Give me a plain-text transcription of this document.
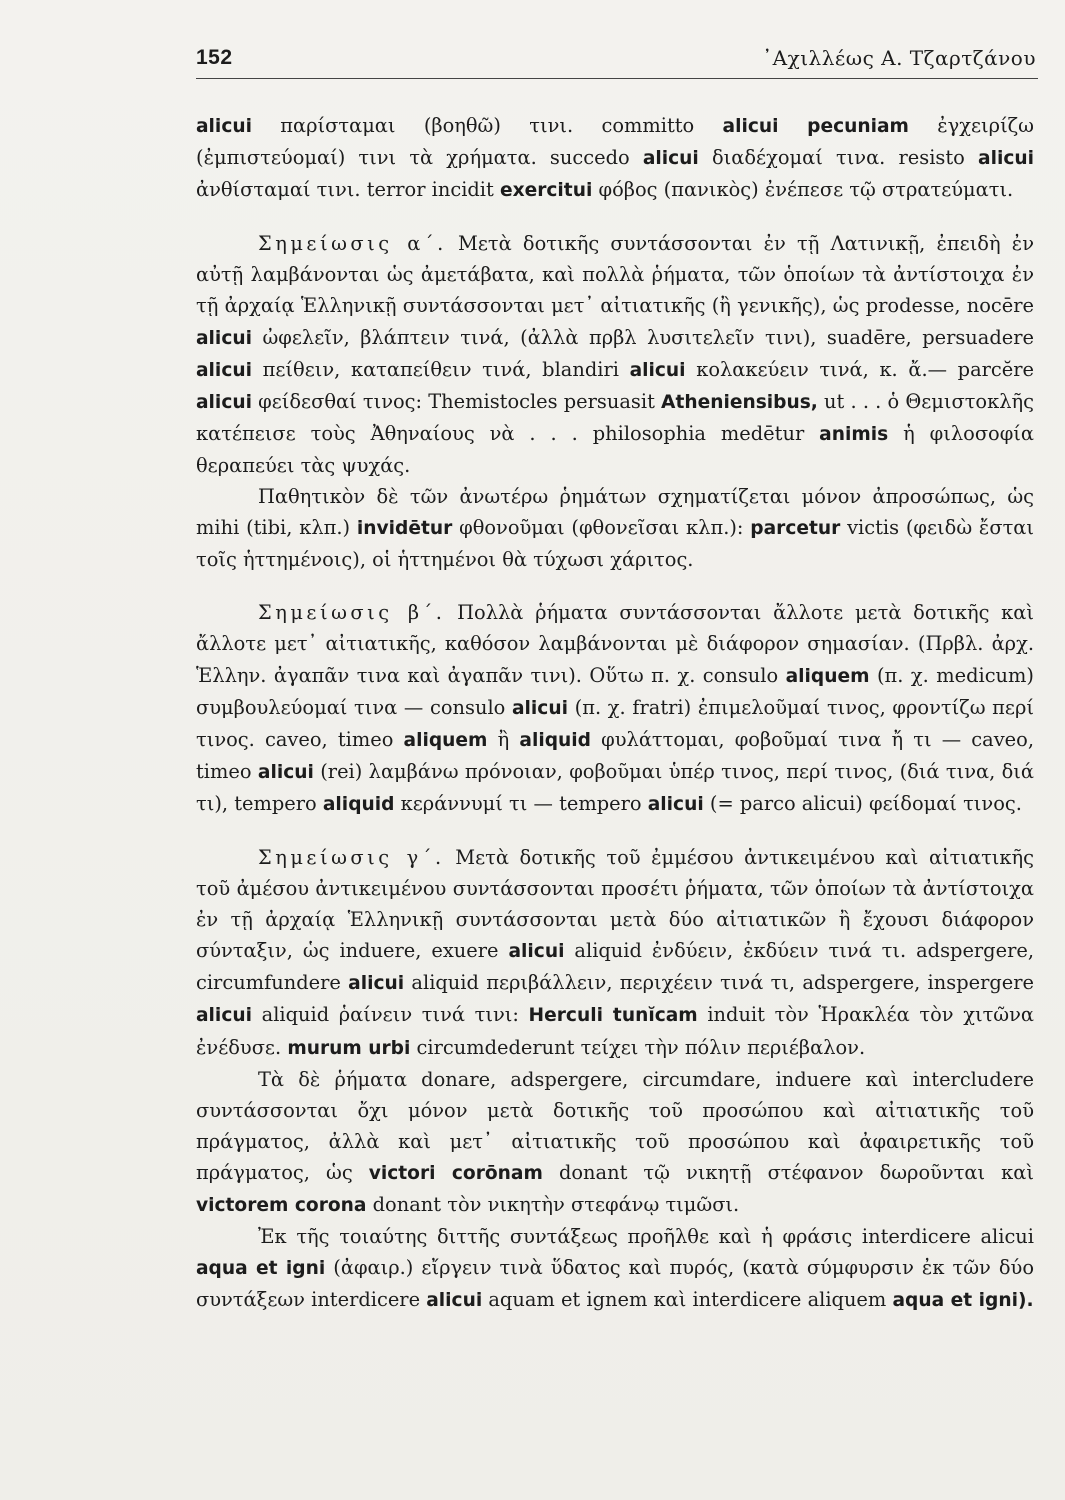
152	᾿Αχιλλέως Α. Τζαρτζάνου

alicui παρίσταμαι (βοηθῶ) τινι. committo alicui pecuniam ἐγχειρίζω (ἐμπιστεύομαί) τινι τὰ χρήματα. succedo alicui διαδέχομαί τινα. resisto alicui ἀνθίσταμαί τινι. terror incidit exercitui φόβος (πανικὸς) ἐνέπεσε τῷ στρατεύματι.

Σημείωσις α΄. Μετὰ δοτικῆς συντάσσονται ἐν τῇ Λατινικῇ, ἐπειδὴ ἐν αὐτῇ λαμβάνονται ὡς ἀμετάβατα, καὶ πολλὰ ῥήματα, τῶν ὁποίων τὰ ἀντίστοιχα ἐν τῇ ἀρχαίᾳ Ἑλληνικῇ συντάσσονται μετ᾿ αἰτιατικῆς (ἢ γενικῆς), ὡς prodesse, nocēre alicui ὠφελεῖν, βλάπτειν τινά, (ἀλλὰ πρβλ λυσιτελεῖν τινι), suadēre, persuadere alicui πείθειν, καταπείθειν τινά, blandiri alicui κολακεύειν τινά, κ. ἄ.— parcĕre alicui φείδεσθαί τινος: Themistocles persuasit Atheniensibus, ut . . . ὁ Θεμιστοκλῆς κατέπεισε τοὺς Ἀθηναίους νὰ . . . philosophia medētur animis ἡ φιλοσοφία θεραπεύει τὰς ψυχάς.

Παθητικὸν δὲ τῶν ἀνωτέρω ῥημάτων σχηματίζεται μόνον ἀπροσώπως, ὡς mihi (tibi, κλπ.) invidētur φθονοῦμαι (φθονεῖσαι κλπ.): parcetur victis (φειδὼ ἔσται τοῖς ἡττημένοις), οἱ ἡττημένοι θὰ τύχωσι χάριτος.

Σημείωσις β΄. Πολλὰ ῥήματα συντάσσονται ἄλλοτε μετὰ δοτικῆς καὶ ἄλλοτε μετ᾿ αἰτιατικῆς, καθόσον λαμβάνονται μὲ διάφορον σημασίαν. (Πρβλ. ἀρχ. Ἑλλην. ἀγαπᾶν τινα καὶ ἀγαπᾶν τινι). Οὕτω π. χ. consulo aliquem (π. χ. medicum) συμβουλεύομαί τινα — consulo alicui (π. χ. fratri) ἐπιμελοῦμαί τινος, φροντίζω περί τινος. caveo, timeo aliquem ἢ aliquid φυλάττομαι, φοβοῦμαί τινα ἤ τι — caveo, timeo alicui (rei) λαμβάνω πρόνοιαν, φοβοῦμαι ὑπέρ τινος, περί τινος, (διά τινα, διά τι), tempero aliquid κεράννυμί τι — tempero alicui (= parco alicui) φείδομαί τινος.

Σημείωσις γ΄. Μετὰ δοτικῆς τοῦ ἐμμέσου ἀντικειμένου καὶ αἰτιατικῆς τοῦ ἀμέσου ἀντικειμένου συντάσσονται προσέτι ῥήματα, τῶν ὁποίων τὰ ἀντίστοιχα ἐν τῇ ἀρχαίᾳ Ἑλληνικῇ συντάσσονται μετὰ δύο αἰτιατικῶν ἢ ἔχουσι διάφορον σύνταξιν, ὡς induere, exuere alicui aliquid ἐνδύειν, ἐκδύειν τινά τι. adspergere, circumfundere alicui aliquid περιβάλλειν, περιχέειν τινά τι, adspergere, inspergere alicui aliquid ῥαίνειν τινά τινι: Herculi tunĭcam induit τὸν Ἡρακλέα τὸν χιτῶνα ἐνέδυσε. murum urbi circumdederunt τείχει τὴν πόλιν περιέβαλον.

Τὰ δὲ ῥήματα donare, adspergere, circumdare, induere καὶ intercludere συντάσσονται ὄχι μόνον μετὰ δοτικῆς τοῦ προσώπου καὶ αἰτιατικῆς τοῦ πράγματος, ἀλλὰ καὶ μετ᾿ αἰτιατικῆς τοῦ προσώπου καὶ ἀφαιρετικῆς τοῦ πράγματος, ὡς victori corōnam donant τῷ νικητῇ στέφανον δωροῦνται καὶ victorem corona donant τὸν νικητὴν στεφάνῳ τιμῶσι.

Ἐκ τῆς τοιαύτης διττῆς συντάξεως προῆλθε καὶ ἡ φράσις interdicere alicui aqua et igni (ἀφαιρ.) εἴργειν τινὰ ὕδατος καὶ πυρός, (κατὰ σύμφυρσιν ἐκ τῶν δύο συντάξεων interdicere alicui aquam et ignem καὶ interdicere aliquem aqua et igni).
